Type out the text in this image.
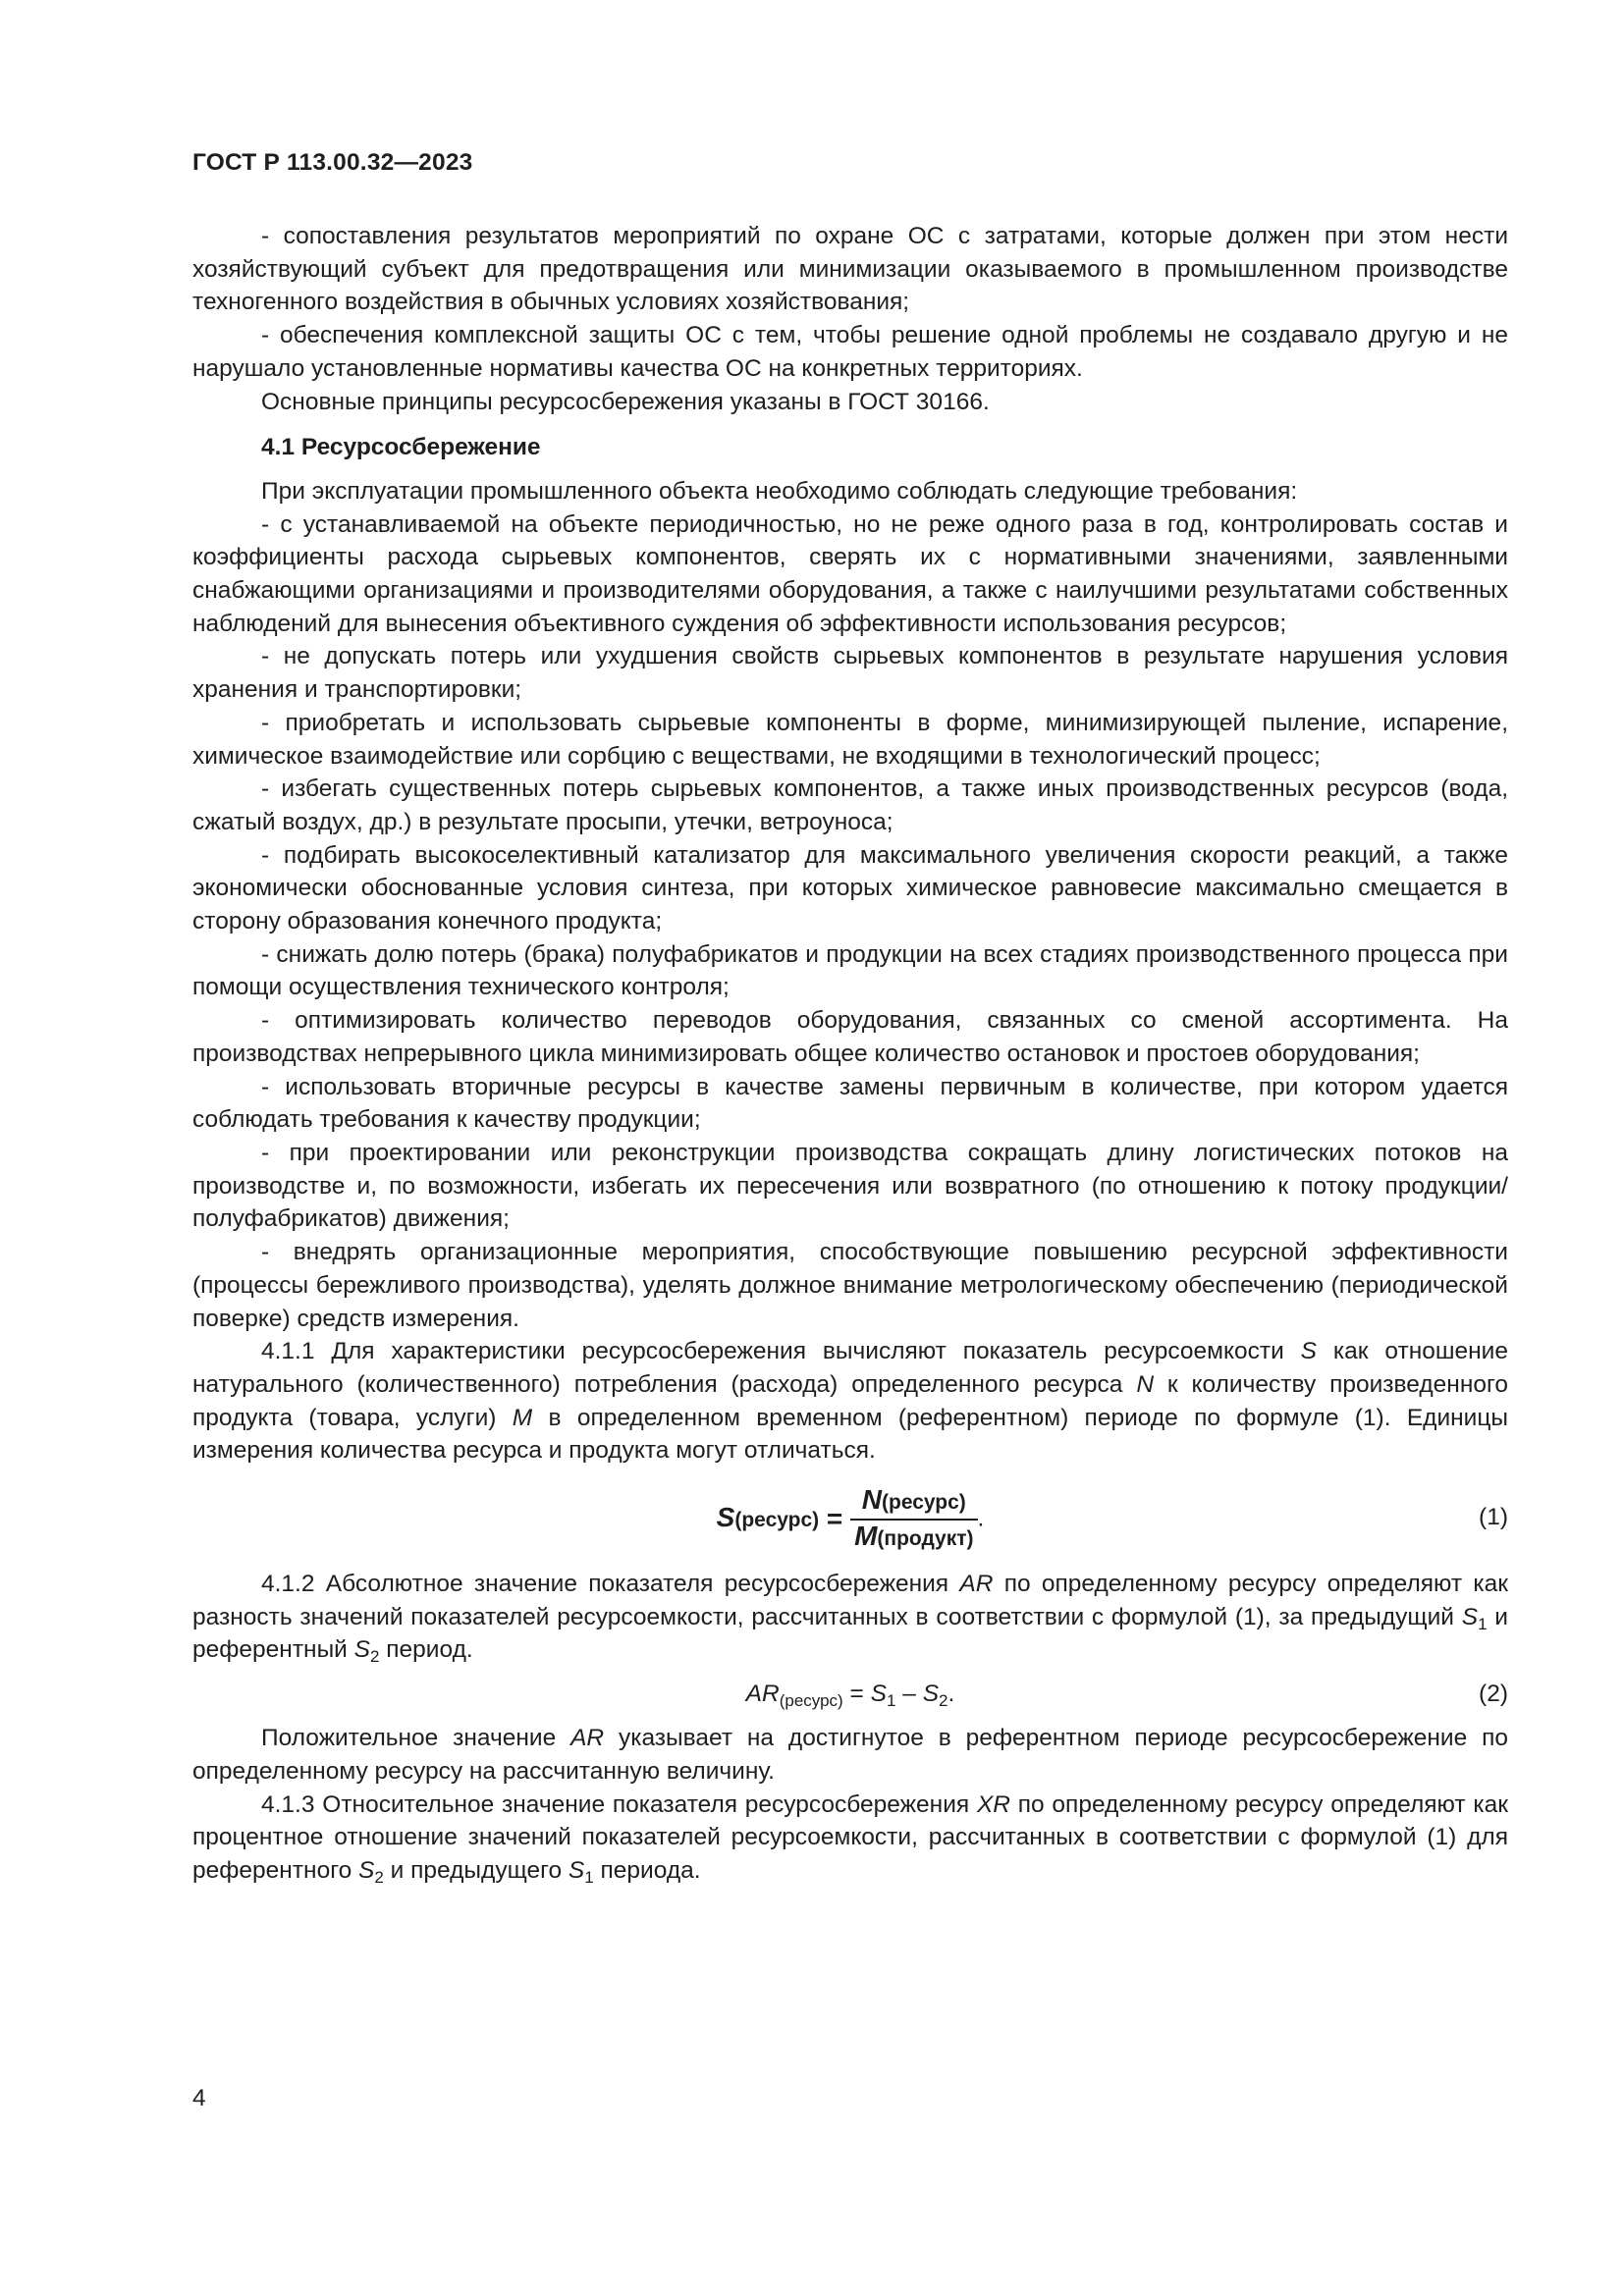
ГОСТ Р 113.00.32—2023

- сопоставления результатов мероприятий по охране ОС с затратами, которые должен при этом нести хозяйствующий субъект для предотвращения или минимизации оказываемого в промышленном производстве техногенного воздействия в обычных условиях хозяйствования;

- обеспечения комплексной защиты ОС с тем, чтобы решение одной проблемы не создавало другую и не нарушало установленные нормативы качества ОС на конкретных территориях.

Основные принципы ресурсосбережения указаны в ГОСТ 30166.

4.1 Ресурсосбережение

При эксплуатации промышленного объекта необходимо соблюдать следующие требования:

- с устанавливаемой на объекте периодичностью, но не реже одного раза в год, контролировать состав и коэффициенты расхода сырьевых компонентов, сверять их с нормативными значениями, заявленными снабжающими организациями и производителями оборудования, а также с наилучшими результатами собственных наблюдений для вынесения объективного суждения об эффективности использования ресурсов;

- не допускать потерь или ухудшения свойств сырьевых компонентов в результате нарушения условия хранения и транспортировки;

- приобретать и использовать сырьевые компоненты в форме, минимизирующей пыление, испарение, химическое взаимодействие или сорбцию с веществами, не входящими в технологический процесс;

- избегать существенных потерь сырьевых компонентов, а также иных производственных ресурсов (вода, сжатый воздух, др.) в результате просыпи, утечки, ветроуноса;

- подбирать высокоселективный катализатор для максимального увеличения скорости реакций, а также экономически обоснованные условия синтеза, при которых химическое равновесие максимально смещается в сторону образования конечного продукта;

- снижать долю потерь (брака) полуфабрикатов и продукции на всех стадиях производственного процесса при помощи осуществления технического контроля;

- оптимизировать количество переводов оборудования, связанных со сменой ассортимента. На производствах непрерывного цикла минимизировать общее количество остановок и простоев оборудования;

- использовать вторичные ресурсы в качестве замены первичным в количестве, при котором удается соблюдать требования к качеству продукции;

- при проектировании или реконструкции производства сокращать длину логистических потоков на производстве и, по возможности, избегать их пересечения или возвратного (по отношению к потоку продукции/полуфабрикатов) движения;

- внедрять организационные мероприятия, способствующие повышению ресурсной эффективности (процессы бережливого производства), уделять должное внимание метрологическому обеспечению (периодической поверке) средств измерения.

4.1.1 Для характеристики ресурсосбережения вычисляют показатель ресурсоемкости S как отношение натурального (количественного) потребления (расхода) определенного ресурса N к количеству произведенного продукта (товара, услуги) M в определенном временном (референтном) периоде по формуле (1). Единицы измерения количества ресурса и продукта могут отличаться.

S(ресурс) = $\frac{\text{N(ресурс)}}{\text{M(продукт)}}$ .	(1)

4.1.2 Абсолютное значение показателя ресурсосбережения AR по определенному ресурсу определяют как разность значений показателей ресурсоемкости, рассчитанных в соответствии с формулой (1), за предыдущий $S_1$ и референтный $S_2$ период.

$AR_{(ресурс)} = S_1 - S_2$.	(2)

Положительное значение AR указывает на достигнутое в референтном периоде ресурсосбережение по определенному ресурсу на рассчитанную величину.

4.1.3 Относительное значение показателя ресурсосбережения XR по определенному ресурсу определяют как процентное отношение значений показателей ресурсоемкости, рассчитанных в соответствии с формулой (1) для референтного $S_2$ и предыдущего $S_1$ периода.

4
